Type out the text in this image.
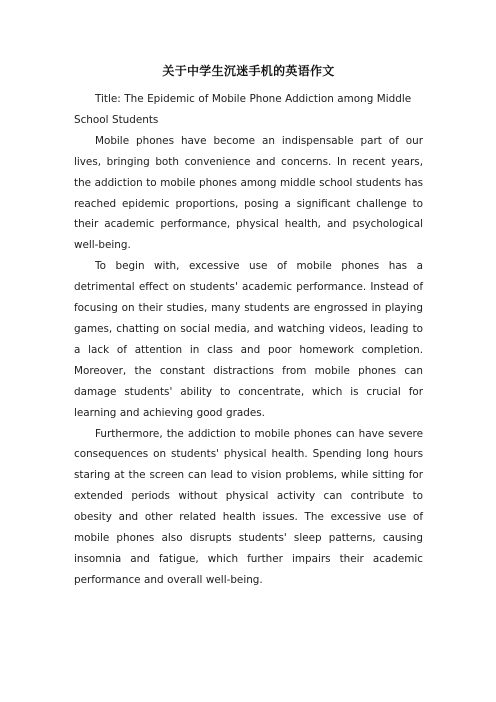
关于中学生沉迷手机的英语作文

Title: The Epidemic of Mobile Phone Addiction among Middle School Students

Mobile phones have become an indispensable part of our lives, bringing both convenience and concerns. In recent years, the addiction to mobile phones among middle school students has reached epidemic proportions, posing a significant challenge to their academic performance, physical health, and psychological well-being.

To begin with, excessive use of mobile phones has a detrimental effect on students' academic performance. Instead of focusing on their studies, many students are engrossed in playing games, chatting on social media, and watching videos, leading to a lack of attention in class and poor homework completion. Moreover, the constant distractions from mobile phones can damage students' ability to concentrate, which is crucial for learning and achieving good grades.

Furthermore, the addiction to mobile phones can have severe consequences on students' physical health. Spending long hours staring at the screen can lead to vision problems, while sitting for extended periods without physical activity can contribute to obesity and other related health issues. The excessive use of mobile phones also disrupts students' sleep patterns, causing insomnia and fatigue, which further impairs their academic performance and overall well-being.
